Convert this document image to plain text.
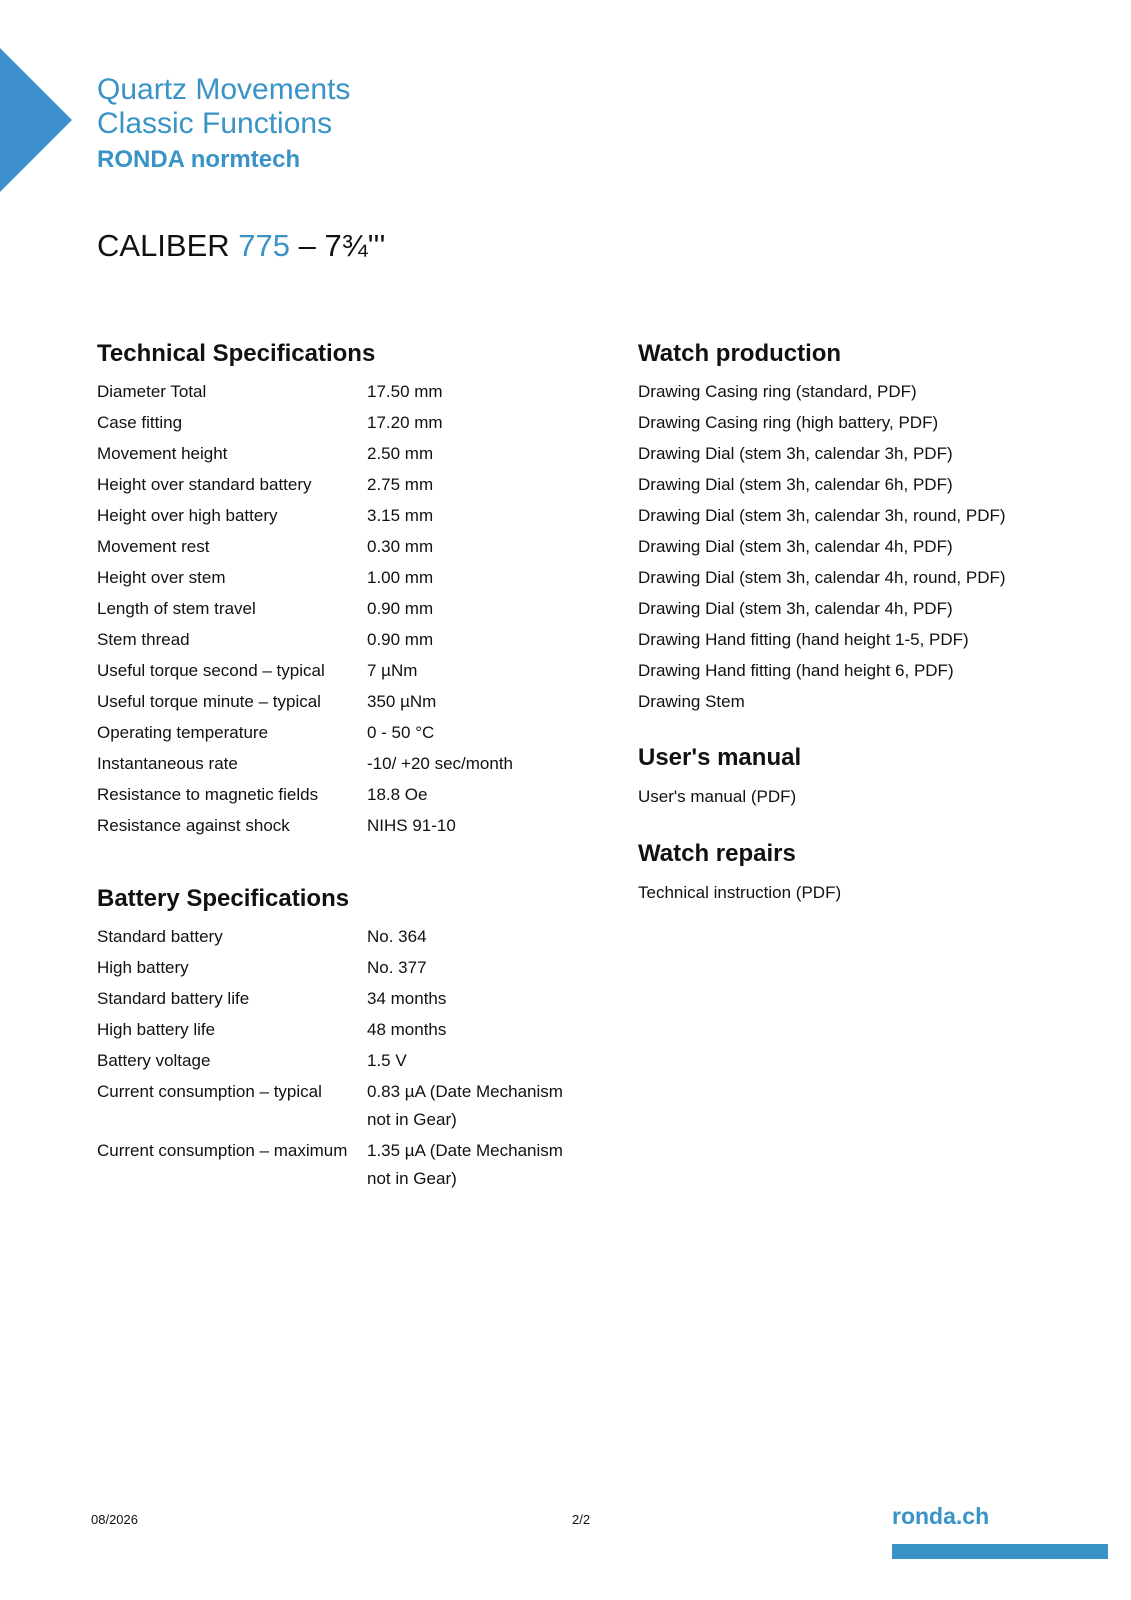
Quartz Movements
Classic Functions
RONDA normtech
CALIBER 775 – 7¾'''
Technical Specifications
Diameter Total	17.50 mm
Case fitting	17.20 mm
Movement height	2.50 mm
Height over standard battery	2.75 mm
Height over high battery	3.15 mm
Movement rest	0.30 mm
Height over stem	1.00 mm
Length of stem travel	0.90 mm
Stem thread	0.90 mm
Useful torque second – typical	7 µNm
Useful torque minute – typical	350 µNm
Operating temperature	0 - 50 °C
Instantaneous rate	-10/ +20 sec/month
Resistance to magnetic fields	18.8 Oe
Resistance against shock	NIHS 91-10
Battery Specifications
Standard battery	No. 364
High battery	No. 377
Standard battery life	34 months
High battery life	48 months
Battery voltage	1.5 V
Current consumption – typical	0.83 µA (Date Mechanism not in Gear)
Current consumption – maximum	1.35 µA (Date Mechanism not in Gear)
Watch production
Drawing Casing ring (standard, PDF)
Drawing Casing ring (high battery, PDF)
Drawing Dial (stem 3h, calendar 3h, PDF)
Drawing Dial (stem 3h, calendar 6h, PDF)
Drawing Dial (stem 3h, calendar 3h, round, PDF)
Drawing Dial (stem 3h, calendar 4h, PDF)
Drawing Dial (stem 3h, calendar 4h, round, PDF)
Drawing Dial (stem 3h, calendar 4h, PDF)
Drawing Hand fitting (hand height 1-5, PDF)
Drawing Hand fitting (hand height 6, PDF)
Drawing Stem
User's manual
User's manual (PDF)
Watch repairs
Technical instruction (PDF)
08/2026	2/2	ronda.ch
